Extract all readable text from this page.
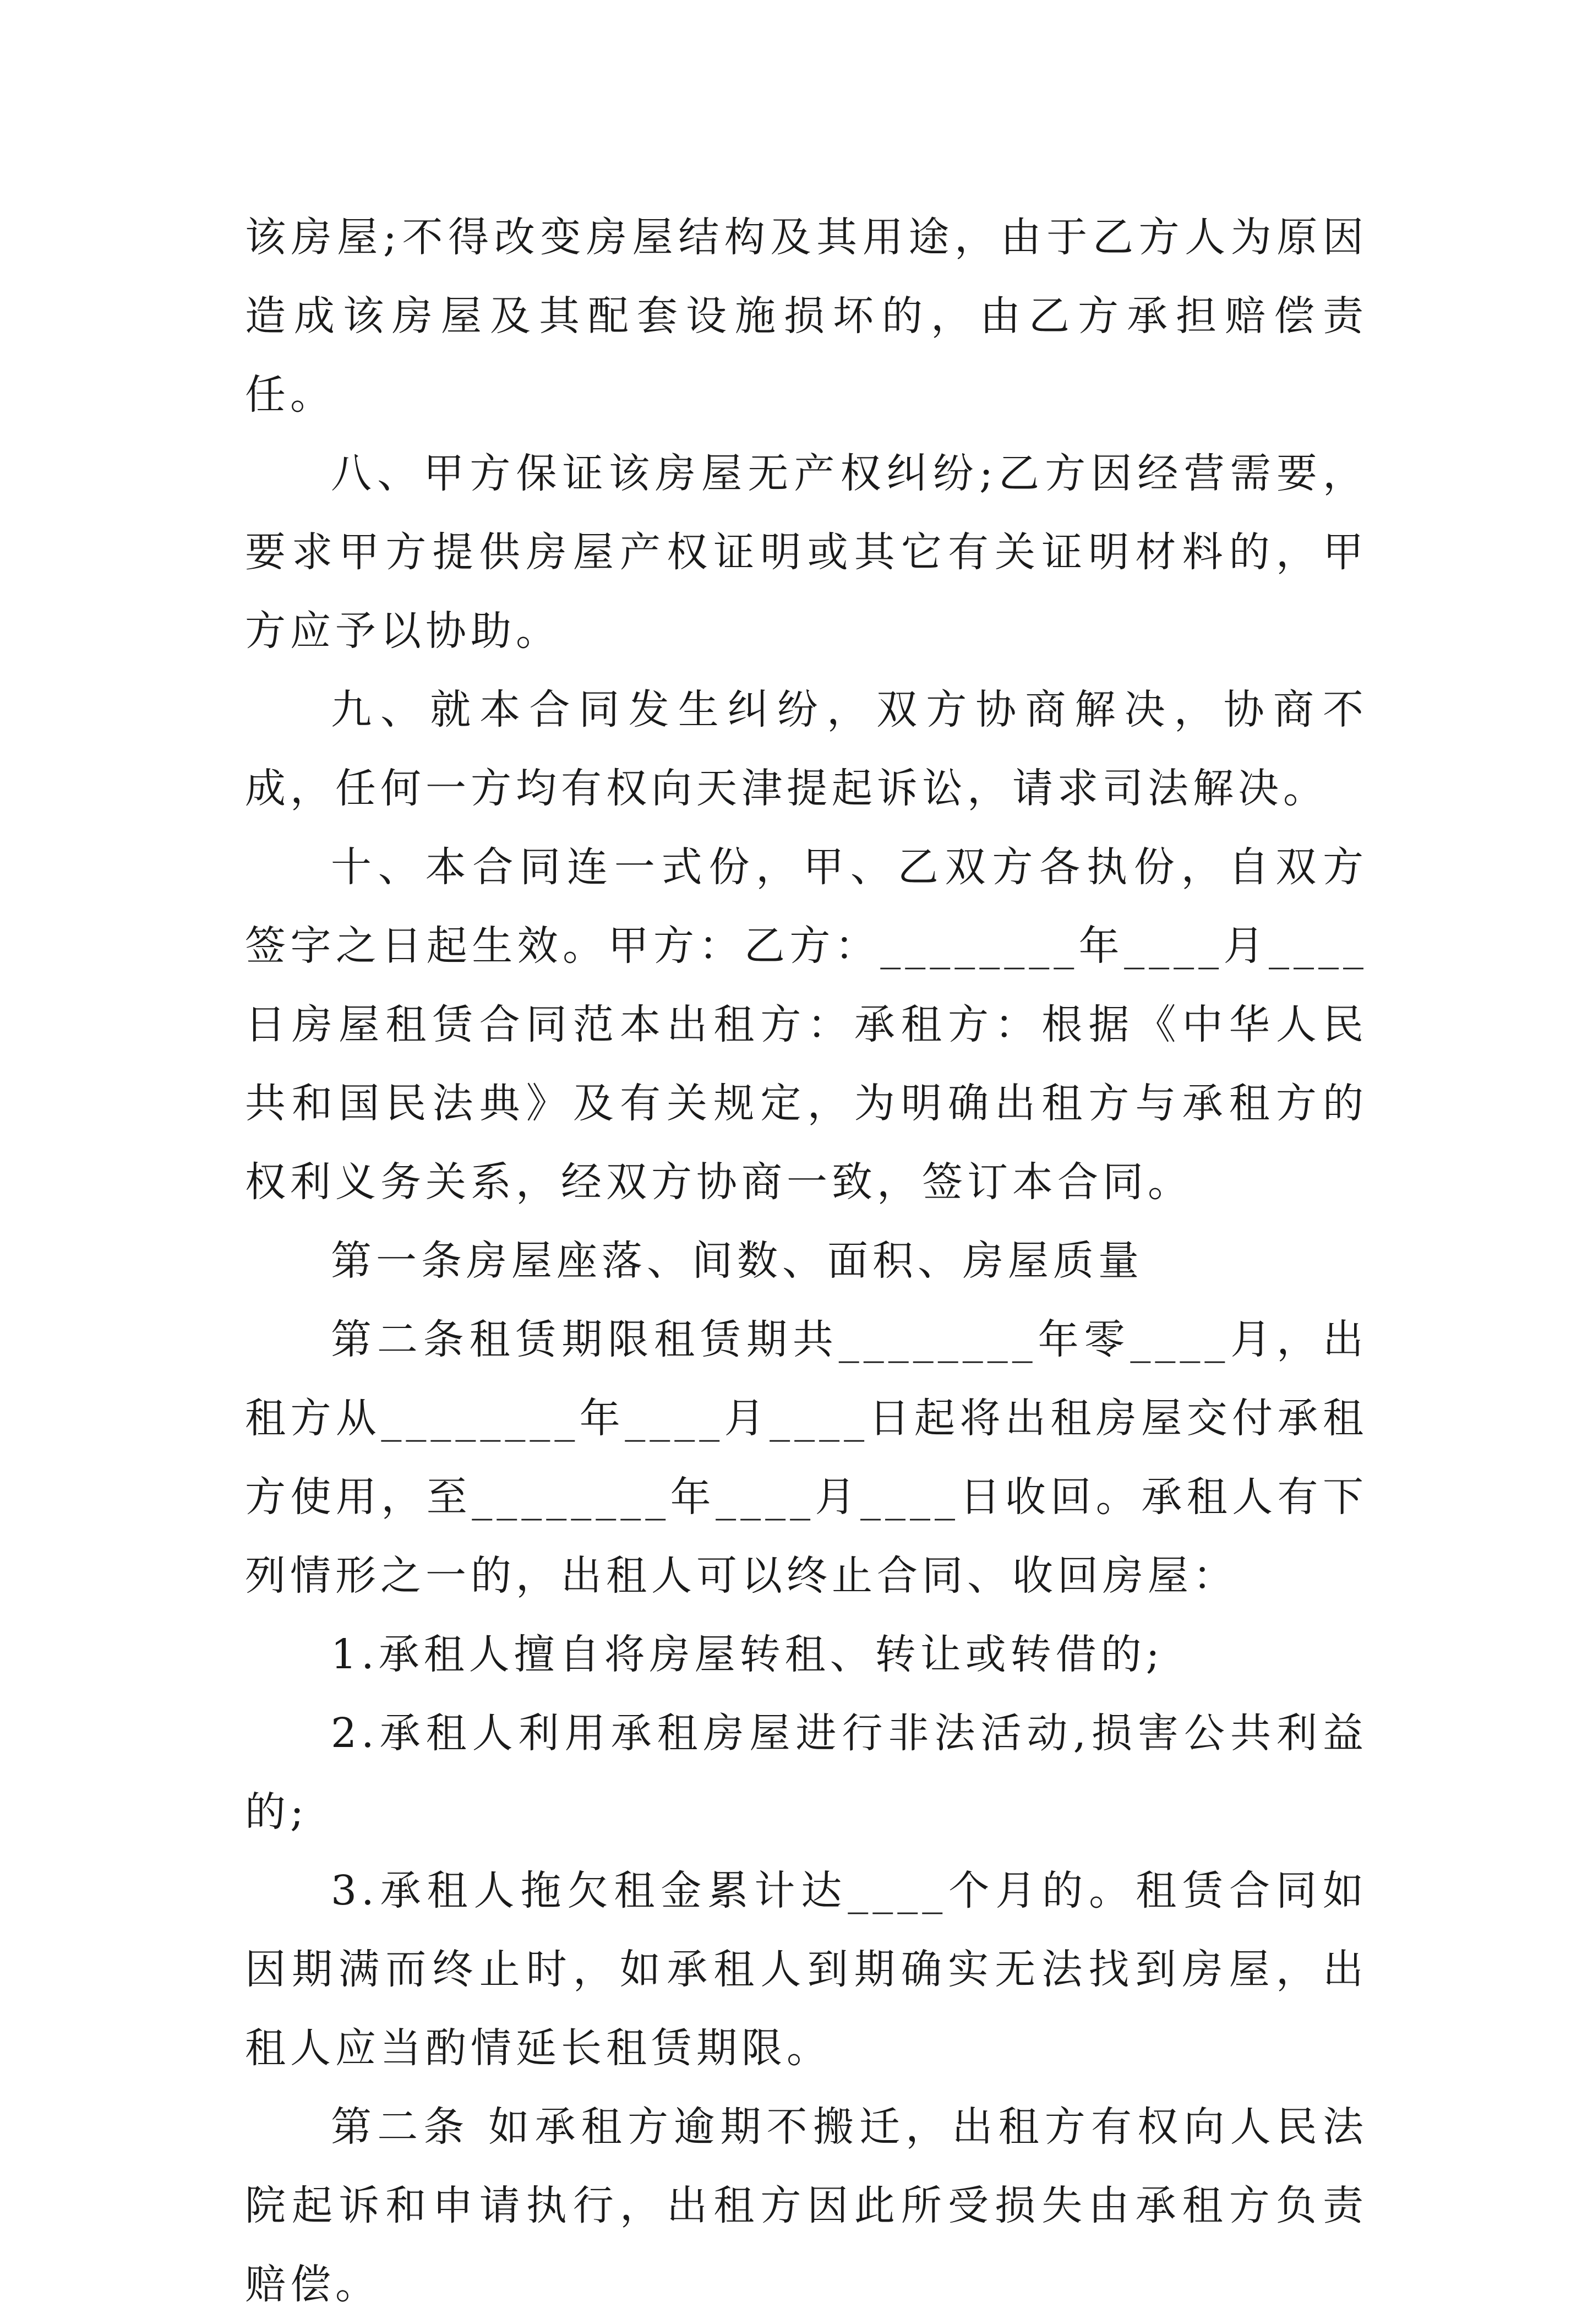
该房屋;不得改变房屋结构及其用途，由于乙方人为原因造成该房屋及其配套设施损坏的，由乙方承担赔偿责任。

八、甲方保证该房屋无产权纠纷;乙方因经营需要，要求甲方提供房屋产权证明或其它有关证明材料的，甲方应予以协助。

九、就本合同发生纠纷，双方协商解决，协商不成，任何一方均有权向天津提起诉讼，请求司法解决。

十、本合同连一式份，甲、乙双方各执份，自双方签字之日起生效。甲方：乙方：________年____月____日房屋租赁合同范本出租方：承租方：根据《中华人民共和国民法典》及有关规定，为明确出租方与承租方的权利义务关系，经双方协商一致，签订本合同。

第一条房屋座落、间数、面积、房屋质量

第二条租赁期限租赁期共________年零____月，出租方从________年____月____日起将出租房屋交付承租方使用，至________年____月____日收回。承租人有下列情形之一的，出租人可以终止合同、收回房屋：

1.承租人擅自将房屋转租、转让或转借的;

2.承租人利用承租房屋进行非法活动,损害公共利益的;

3.承租人拖欠租金累计达____个月的。租赁合同如因期满而终止时，如承租人到期确实无法找到房屋，出租人应当酌情延长租赁期限。

第二条 如承租方逾期不搬迁，出租方有权向人民法院起诉和申请执行，出租方因此所受损失由承租方负责赔偿。
